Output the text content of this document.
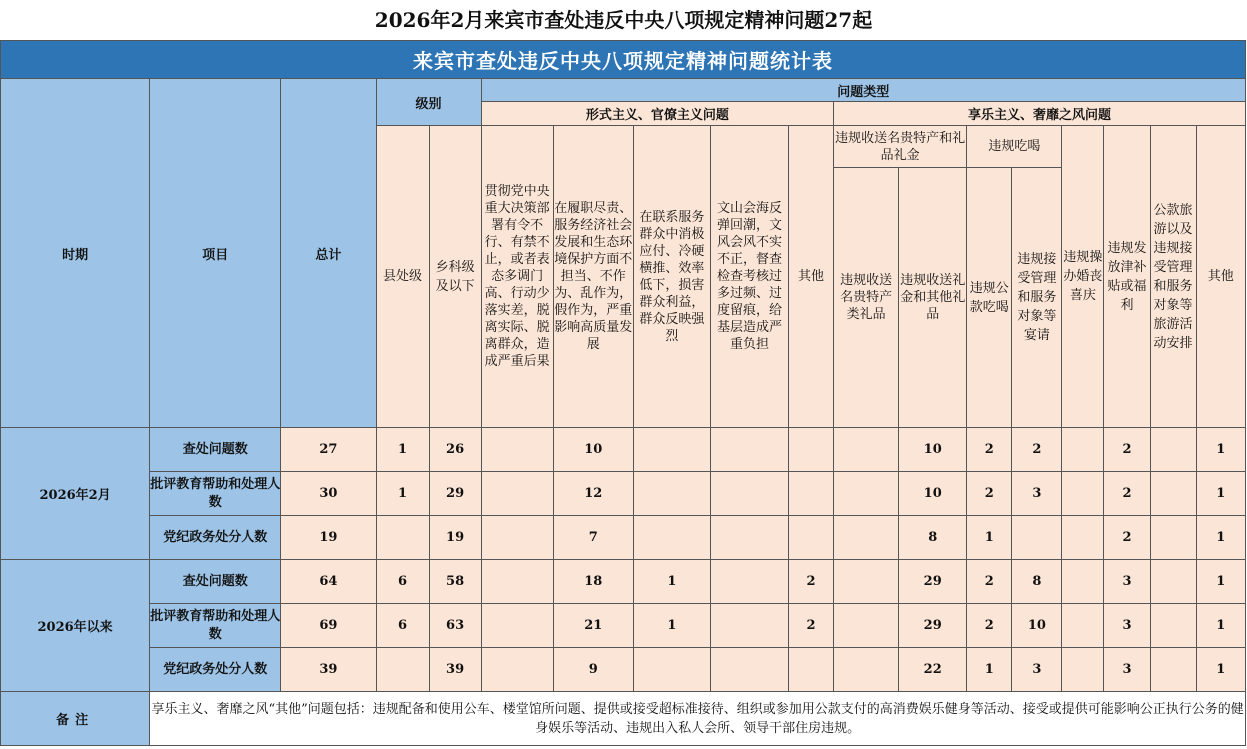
2026年2月来宾市查处违反中央八项规定精神问题27起
来宾市查处违反中央八项规定精神问题统计表																	
时期	项目	总计	级别		问题类型												
					形式主义、官僚主义问题					享乐主义、奢靡之风问题							
			县处级	乡科级及以下	贯彻党中央重大决策部署有令不行、有禁不止，或者表态多调门高、行动少落实差，脱离实际、脱离群众，造成严重后果	在履职尽责、服务经济社会发展和生态环境保护方面不担当、不作为、乱作为，假作为，严重影响高质量发展	在联系服务群众中消极应付、冷硬横推、效率低下，损害群众利益，群众反映强烈	文山会海反弹回潮，文风会风不实不正，督查检查考核过多过频、过度留痕，给基层造成严重负担	其他	违规收送名贵特产和礼品礼金		违规吃喝		违规操办婚丧喜庆	违规发放津补贴或福利	公款旅游以及违规接受管理和服务对象等旅游活动安排	其他
										违规收送名贵特产类礼品	违规收送礼金和其他礼品	违规公款吃喝	违规接受管理和服务对象等宴请				

2026年2月	查处问题数	27	1	26		10					10	2	2		2		1
	批评教育帮助和处理人数	30	1	29		12					10	2	3		2		1
	党纪政务处分人数	19		19		7					8	1			2		1
2026年以来	查处问题数	64	6	58		18	1		2		29	2	8		3		1
	批评教育帮助和处理人数	69	6	63		21	1		2		29	2	10		3		1
	党纪政务处分人数	39		39		9					22	1	3		3		1
备注	享乐主义、奢靡之风“其他”问题包括：违规配备和使用公车、楼堂馆所问题、提供或接受超标准接待、组织或参加用公款支付的高消费娱乐健身等活动、接受或提供可能影响公正执行公务的健身娱乐等活动、违规出入私人会所、领导干部住房违规。																
